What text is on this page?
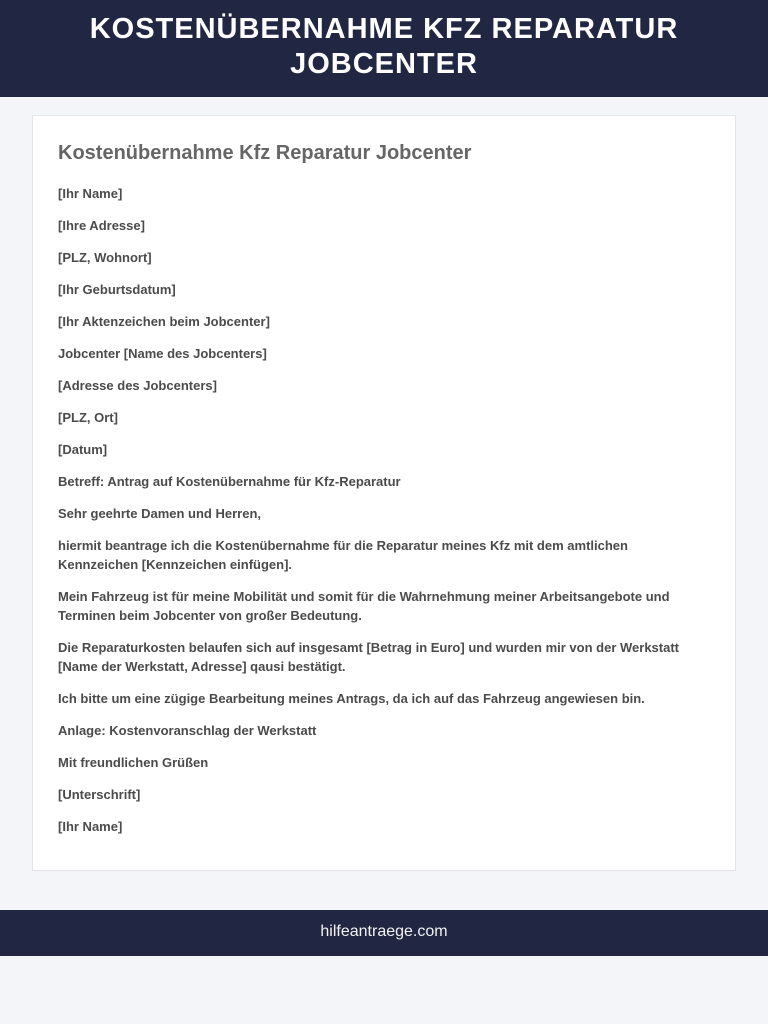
KOSTENÜBERNAHME KFZ REPARATUR JOBCENTER
Kostenübernahme Kfz Reparatur Jobcenter

[Ihr Name]

[Ihre Adresse]

[PLZ, Wohnort]

[Ihr Geburtsdatum]

[Ihr Aktenzeichen beim Jobcenter]

Jobcenter [Name des Jobcenters]

[Adresse des Jobcenters]

[PLZ, Ort]

[Datum]

Betreff: Antrag auf Kostenübernahme für Kfz-Reparatur

Sehr geehrte Damen und Herren,

hiermit beantrage ich die Kostenübernahme für die Reparatur meines Kfz mit dem amtlichen Kennzeichen [Kennzeichen einfügen].

Mein Fahrzeug ist für meine Mobilität und somit für die Wahrnehmung meiner Arbeitsangebote und Terminen beim Jobcenter von großer Bedeutung.

Die Reparaturkosten belaufen sich auf insgesamt [Betrag in Euro] und wurden mir von der Werkstatt [Name der Werkstatt, Adresse] qausi bestätigt.

Ich bitte um eine zügige Bearbeitung meines Antrags, da ich auf das Fahrzeug angewiesen bin.

Anlage: Kostenvoranschlag der Werkstatt

Mit freundlichen Grüßen

[Unterschrift]

[Ihr Name]

hilfeantraege.com
